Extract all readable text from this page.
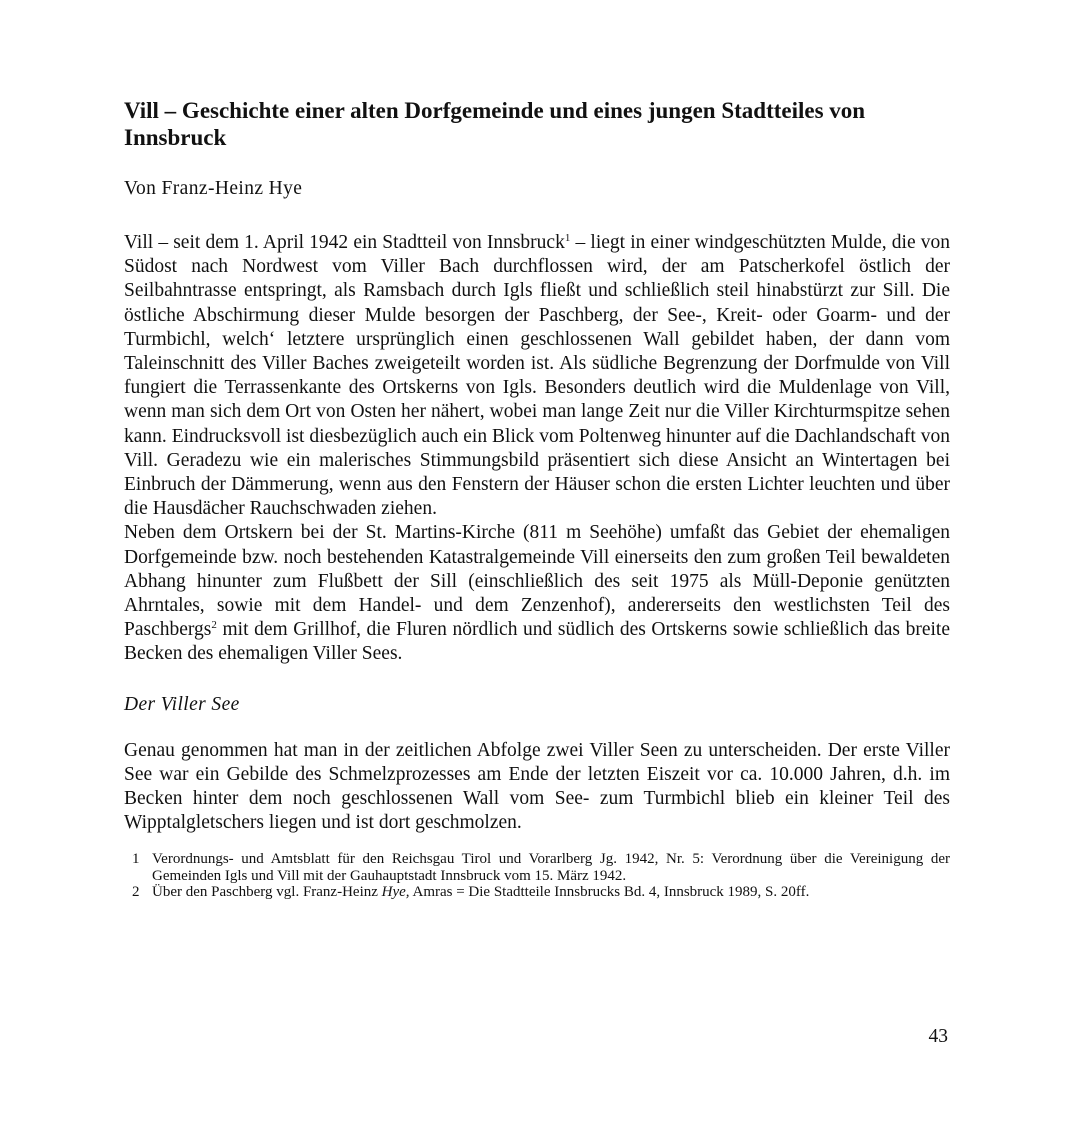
Vill – Geschichte einer alten Dorfgemeinde und eines jungen Stadtteiles von Innsbruck

Von Franz-Heinz Hye

Vill – seit dem 1. April 1942 ein Stadtteil von Innsbruck$^1$ – liegt in einer windgeschützten Mulde, die von Südost nach Nordwest vom Viller Bach durchflossen wird, der am Patscherkofel östlich der Seilbahntrasse entspringt, als Ramsbach durch Igls fließt und schließlich steil hinabstürzt zur Sill. Die östliche Abschirmung dieser Mulde besorgen der Paschberg, der See-, Kreit- oder Goarm- und der Turmbichl, welch‘ letztere ursprünglich einen geschlossenen Wall gebildet haben, der dann vom Taleinschnitt des Viller Baches zweigeteilt worden ist. Als südliche Begrenzung der Dorfmulde von Vill fungiert die Terrassenkante des Ortskerns von Igls. Besonders deutlich wird die Muldenlage von Vill, wenn man sich dem Ort von Osten her nähert, wobei man lange Zeit nur die Viller Kirchturmspitze sehen kann. Eindrucksvoll ist diesbezüglich auch ein Blick vom Poltenweg hinunter auf die Dachlandschaft von Vill. Geradezu wie ein malerisches Stimmungsbild präsentiert sich diese Ansicht an Wintertagen bei Einbruch der Dämmerung, wenn aus den Fenstern der Häuser schon die ersten Lichter leuchten und über die Hausdächer Rauchschwaden ziehen.

Neben dem Ortskern bei der St. Martins-Kirche (811 m Seehöhe) umfaßt das Gebiet der ehemaligen Dorfgemeinde bzw. noch bestehenden Katastralgemeinde Vill einerseits den zum großen Teil bewaldeten Abhang hinunter zum Flußbett der Sill (einschließlich des seit 1975 als Müll-Deponie genützten Ahrntales, sowie mit dem Handel- und dem Zenzenhof), andererseits den westlichsten Teil des Paschbergs$^2$ mit dem Grillhof, die Fluren nördlich und südlich des Ortskerns sowie schließlich das breite Becken des ehemaligen Viller Sees.

Der Viller See

Genau genommen hat man in der zeitlichen Abfolge zwei Viller Seen zu unterscheiden. Der erste Viller See war ein Gebilde des Schmelzprozesses am Ende der letzten Eiszeit vor ca. 10.000 Jahren, d.h. im Becken hinter dem noch geschlossenen Wall vom See- zum Turmbichl blieb ein kleiner Teil des Wipptalgletschers liegen und ist dort geschmolzen.

1 Verordnungs- und Amtsblatt für den Reichsgau Tirol und Vorarlberg Jg. 1942, Nr. 5: Verordnung über die Vereinigung der Gemeinden Igls und Vill mit der Gauhauptstadt Innsbruck vom 15. März 1942.
2 Über den Paschberg vgl. Franz-Heinz Hye, Amras = Die Stadtteile Innsbrucks Bd. 4, Innsbruck 1989, S. 20ff.
43
